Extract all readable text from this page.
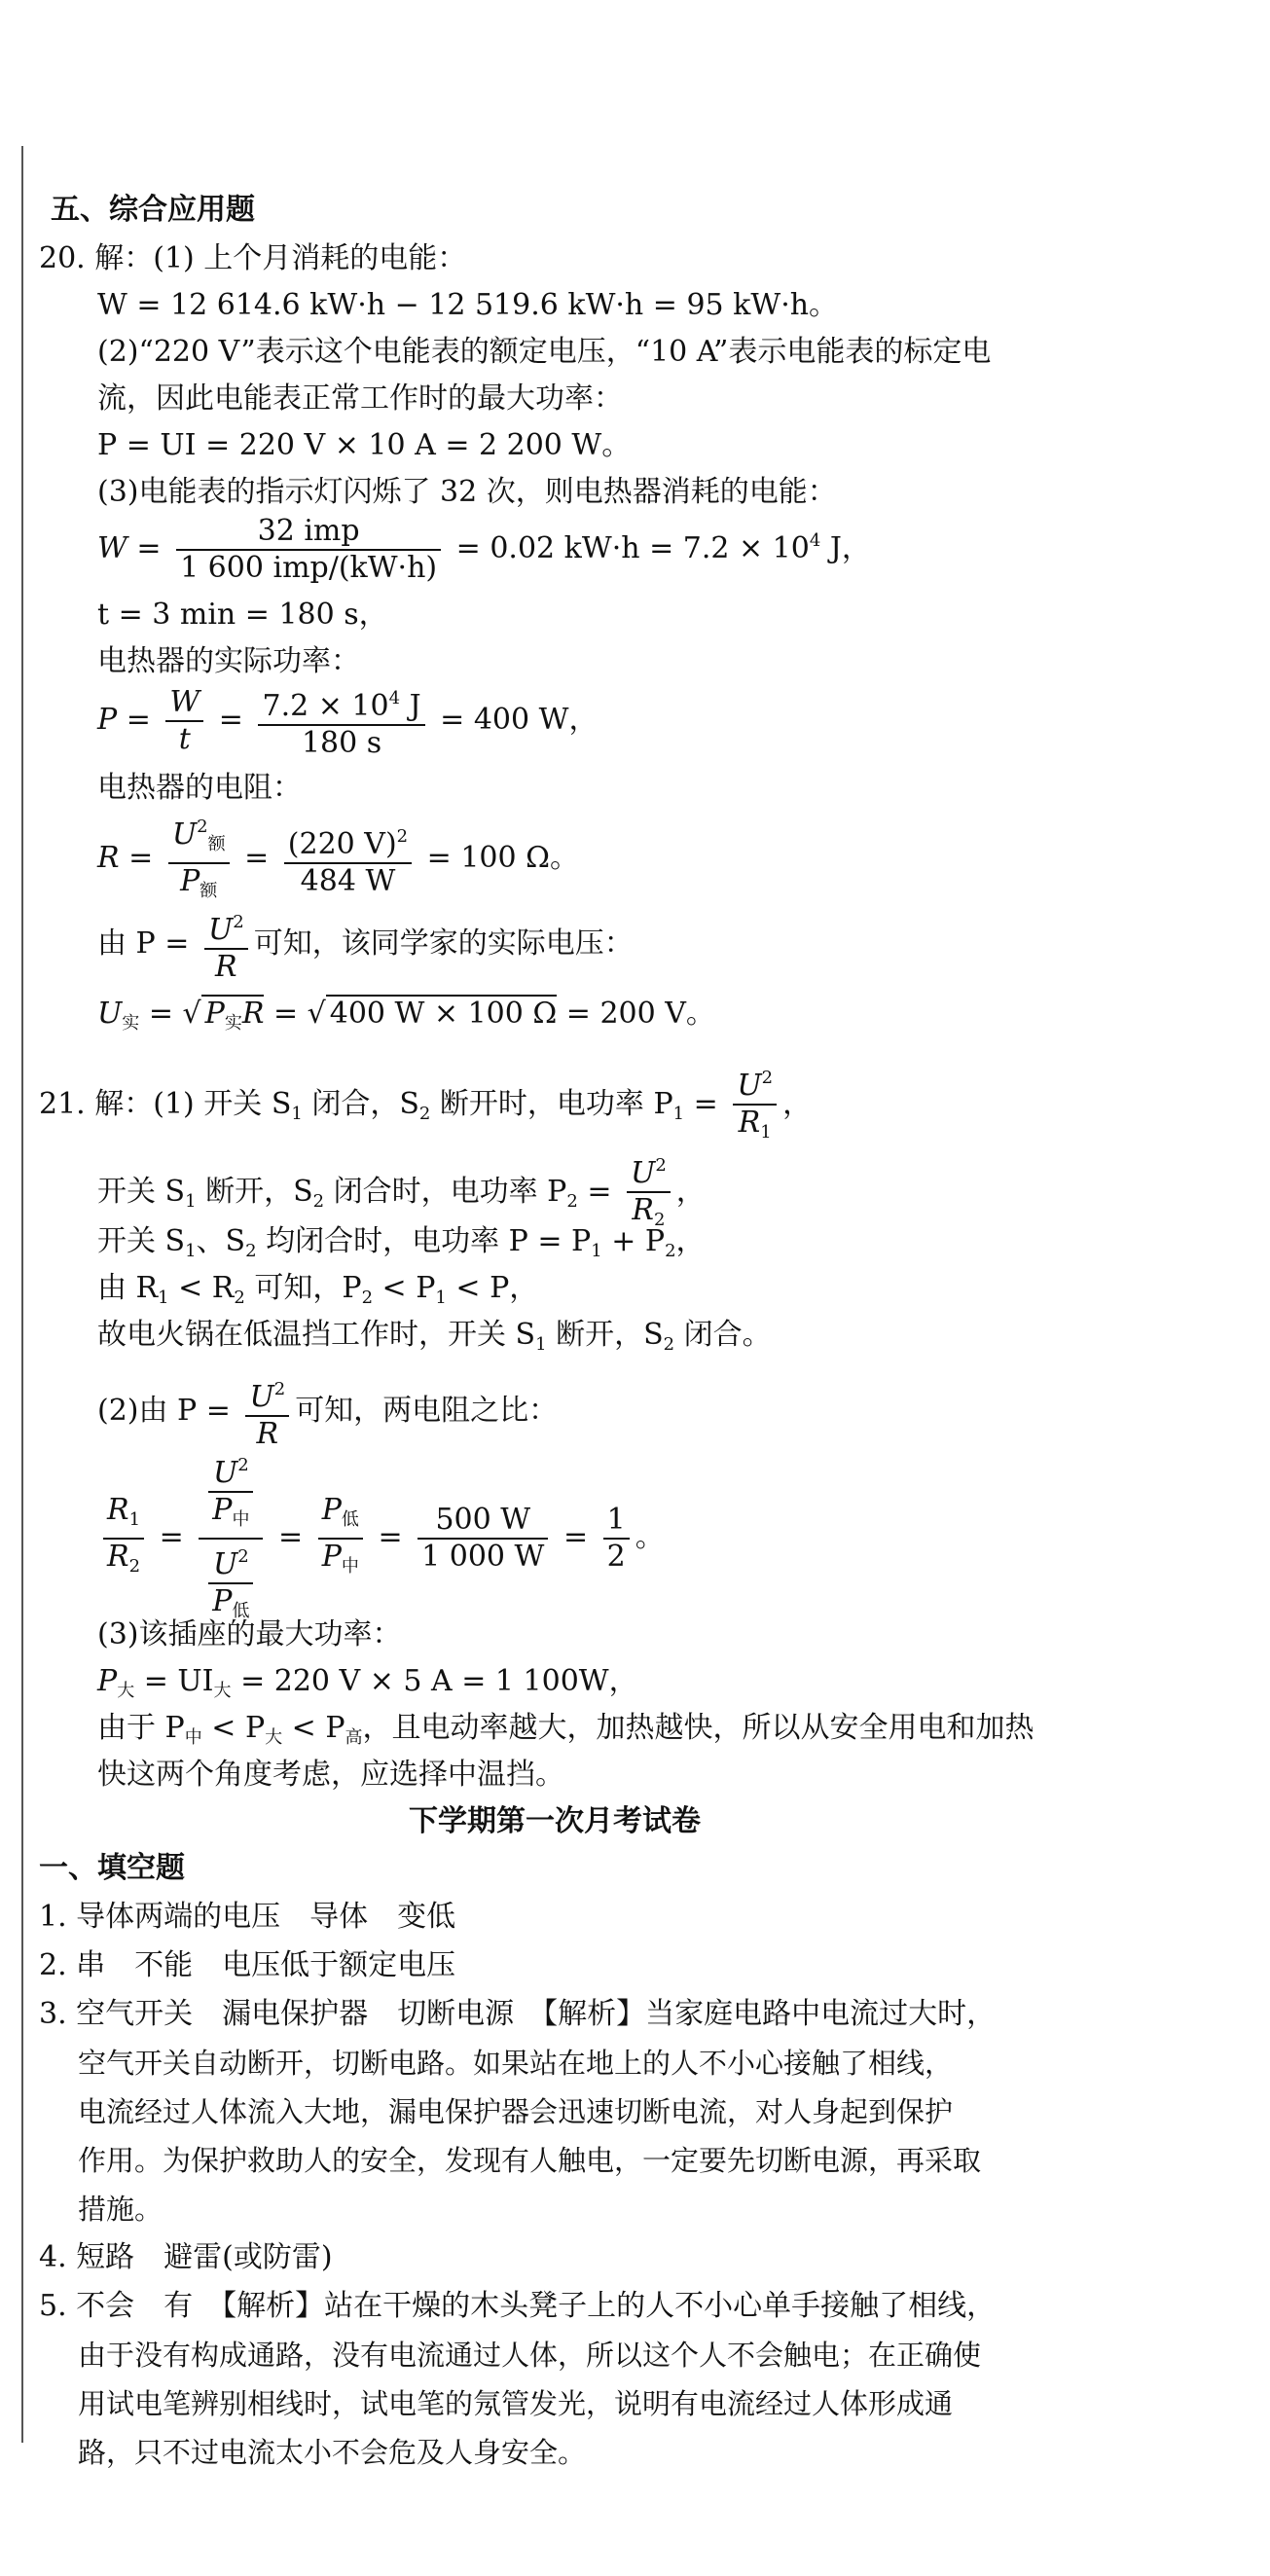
五、综合应用题
20. 解：(1) 上个月消耗的电能：
W = 12 614.6 kW·h − 12 519.6 kW·h = 95 kW·h。
(2)“220 V”表示这个电能表的额定电压，“10 A”表示电能表的标定电
流，因此电能表正常工作时的最大功率：
P = UI = 220 V × 10 A = 2 200 W。
(3)电能表的指示灯闪烁了 32 次，则电热器消耗的电能：
$W = \frac{\text{32 imp}}{\text{1 600 imp/(kW·h)}} = 0.02$ $kW\cdot h = 7.2 \times 10^4$ J，
t = 3 min = 180 s，
电热器的实际功率：
$P = \frac{W}{t} = \frac{7.2 \times 10^4 J}{180 s} = 400$ W，
电热器的电阻：
$R = \frac{U^2_额}{P_额} = \frac{(220 V)^2}{484 W} = 100$ Ω。
由 $P = \frac{U^2}{R}$ 可知，该同学家的实际电压：
$U_实$ = √ $P_实R$ = √ 400 W × 100 Ω = 200 V。
21. 解：(1) 开关 $S_1$ 闭合，$S_2$ 断开时，电功率 $P_1 = \frac{U^2}{R_1}$ ，
开关 $S_1$ 断开，$S_2$ 闭合时，电功率 $P_2 = \frac{U^2}{R_2}$ ，
开关 $S_1$、$S_2$ 均闭合时，电功率 $P = P_1 + P_2$，
由 $R_1 < R_2$ 可知，$P_2 < P_1 < P$，
故电火锅在低温挡工作时，开关 $S_1$ 断开，$S_2$ 闭合。
(2)由 $P = \frac{U^2}{R}$ 可知，两电阻之比：
$\frac{R_1}{R_2} = \frac{\frac{U^2}{P_中}}{\frac{U^2}{P_低}} = \frac{P_低}{P_中} = \frac{500 W}{1 000 W} = \frac{1}{2}$ 。
(3)该插座的最大功率：
$P_大 = UI_大 = 220$ V × 5 A = 1 100W，
由于 $P_中 < P_大 < P_高$，且电动率越大，加热越快，所以从安全用电和加热
快这两个角度考虑，应选择中温挡。
下学期第一次月考试卷
一、填空题
1. 导体两端的电压　导体　变低
2. 串　不能　电压低于额定电压
3. 空气开关　漏电保护器　切断电源　【解析】当家庭电路中电流过大时，
空气开关自动断开，切断电路。如果站在地上的人不小心接触了相线，
电流经过人体流入大地，漏电保护器会迅速切断电流，对人身起到保护
作用。为保护救助人的安全，发现有人触电，一定要先切断电源，再采取
措施。
4. 短路　避雷(或防雷)
5. 不会　有　【解析】站在干燥的木头凳子上的人不小心单手接触了相线，
由于没有构成通路，没有电流通过人体，所以这个人不会触电；在正确使
用试电笔辨别相线时，试电笔的氖管发光，说明有电流经过人体形成通
路，只不过电流太小不会危及人身安全。
